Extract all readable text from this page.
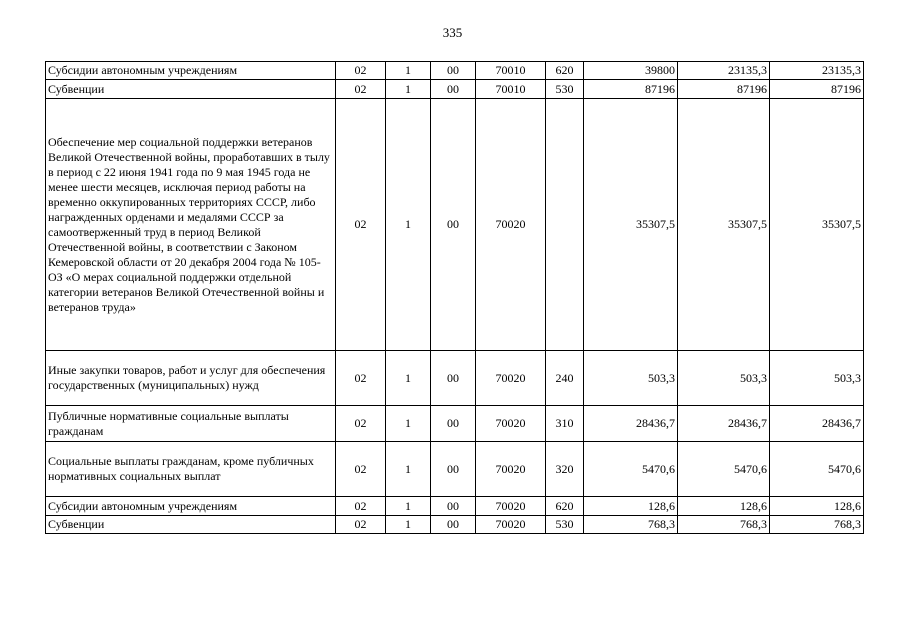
335
Субсидии автономным учреждениям	02	1	00	70010	620	39800	23135,3	23135,3
Субвенции	02	1	00	70010	530	87196	87196	87196
Обеспечение мер социальной поддержки ветеранов Великой Отечественной войны, проработавших в тылу в период с 22 июня 1941 года по 9 мая 1945 года не менее шести месяцев, исключая период работы на временно оккупированных территориях СССР, либо награжденных орденами и медалями СССР за самоотверженный труд в период Великой Отечественной войны, в соответствии с Законом Кемеровской области от 20 декабря 2004 года № 105-ОЗ «О мерах социальной поддержки отдельной категории ветеранов Великой Отечественной войны и ветеранов труда»	02	1	00	70020		35307,5	35307,5	35307,5
Иные закупки товаров, работ и услуг для обеспечения государственных (муниципальных) нужд	02	1	00	70020	240	503,3	503,3	503,3
Публичные нормативные социальные выплаты гражданам	02	1	00	70020	310	28436,7	28436,7	28436,7
Социальные выплаты гражданам, кроме публичных нормативных социальных выплат	02	1	00	70020	320	5470,6	5470,6	5470,6
Субсидии автономным учреждениям	02	1	00	70020	620	128,6	128,6	128,6
Субвенции	02	1	00	70020	530	768,3	768,3	768,3
